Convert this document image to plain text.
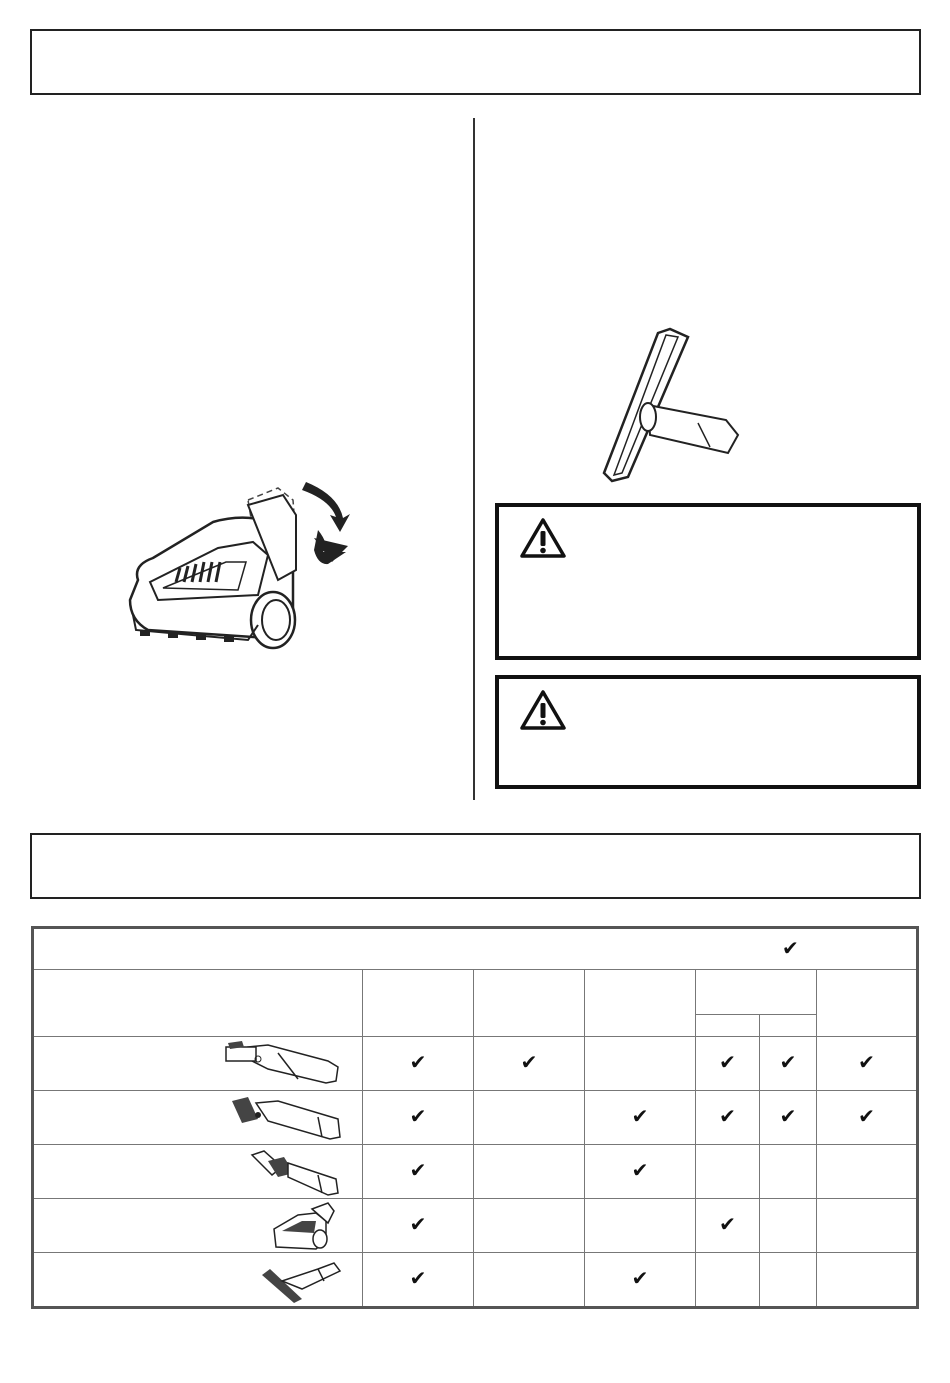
✔						

	✔	✔		✔	✔	✔

	✔		✔	✔	✔	✔

	✔		✔			

	✔			✔		

	✔		✔			
